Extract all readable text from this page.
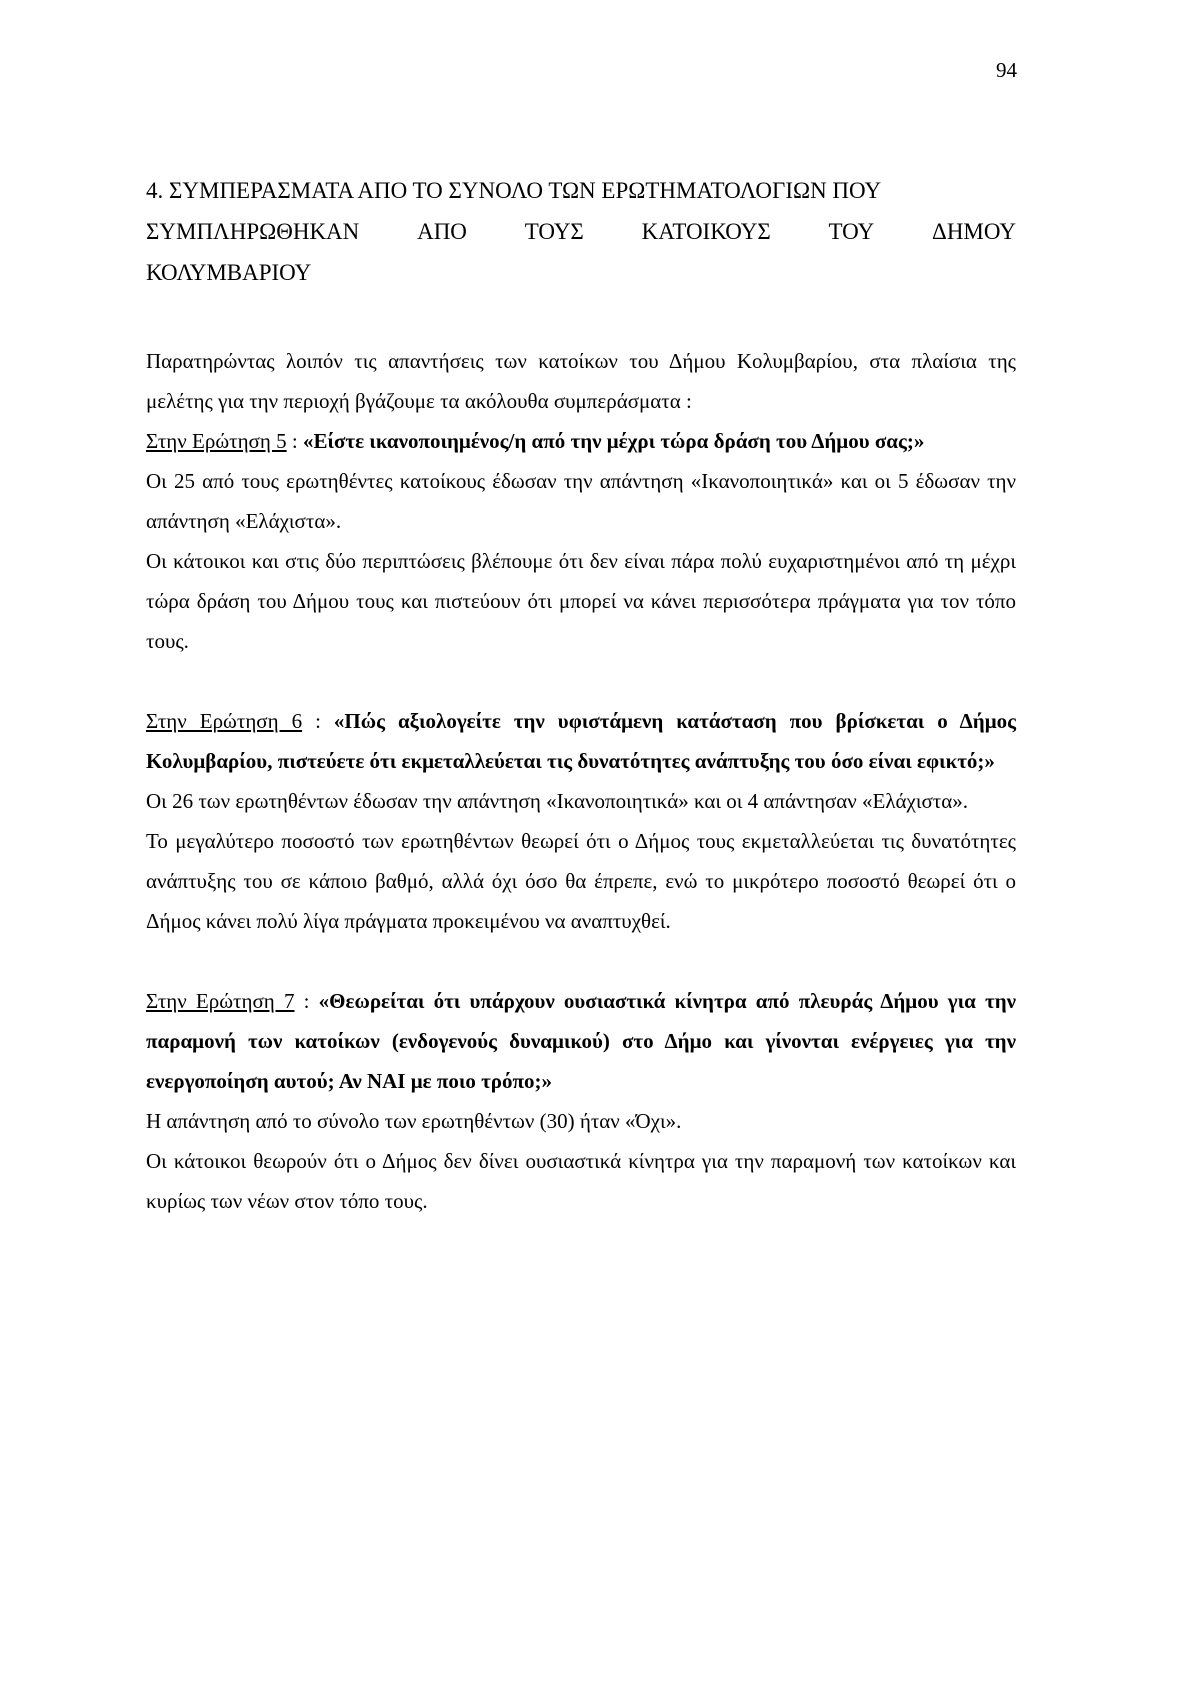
94
4. ΣΥΜΠΕΡΑΣΜΑΤΑ ΑΠΟ ΤΟ ΣΥΝΟΛΟ ΤΩΝ ΕΡΩΤΗΜΑΤΟΛΟΓΙΩΝ ΠΟΥ
ΣΥΜΠΛΗΡΩΘΗΚΑΝ	ΑΠΟ	ΤΟΥΣ	ΚΑΤΟΙΚΟΥΣ	ΤΟΥ	ΔΗΜΟΥ
ΚΟΛΥΜΒΑΡΙΟΥ

Παρατηρώντας λοιπόν τις απαντήσεις των κατοίκων του Δήμου Κολυμβαρίου, στα πλαίσια της μελέτης για την περιοχή βγάζουμε τα ακόλουθα συμπεράσματα :

Στην Ερώτηση 5 : «Είστε ικανοποιημένος/η από την μέχρι τώρα δράση του Δήμου σας;»

Οι 25 από τους ερωτηθέντες κατοίκους έδωσαν την απάντηση «Ικανοποιητικά» και οι 5 έδωσαν την απάντηση «Ελάχιστα».

Οι κάτοικοι και στις δύο περιπτώσεις βλέπουμε ότι δεν είναι πάρα πολύ ευχαριστημένοι από τη μέχρι τώρα δράση του Δήμου τους και πιστεύουν ότι μπορεί να κάνει περισσότερα πράγματα για τον τόπο τους.

Στην Ερώτηση 6 : «Πώς αξιολογείτε την υφιστάμενη κατάσταση που βρίσκεται ο Δήμος Κολυμβαρίου, πιστεύετε ότι εκμεταλλεύεται τις δυνατότητες ανάπτυξης του όσο είναι εφικτό;»

Οι 26 των ερωτηθέντων έδωσαν την απάντηση «Ικανοποιητικά» και οι 4 απάντησαν «Ελάχιστα».

Το μεγαλύτερο ποσοστό των ερωτηθέντων θεωρεί ότι ο Δήμος τους εκμεταλλεύεται τις δυνατότητες ανάπτυξης του σε κάποιο βαθμό, αλλά όχι όσο θα έπρεπε, ενώ το μικρότερο ποσοστό θεωρεί ότι ο Δήμος κάνει πολύ λίγα πράγματα προκειμένου να αναπτυχθεί.

Στην Ερώτηση 7 : «Θεωρείται ότι υπάρχουν ουσιαστικά κίνητρα από πλευράς Δήμου για την παραμονή των κατοίκων (ενδογενούς δυναμικού) στο Δήμο και γίνονται ενέργειες για την ενεργοποίηση αυτού; Αν ΝΑΙ με ποιο τρόπο;»

Η απάντηση από το σύνολο των ερωτηθέντων (30) ήταν «Όχι».

Οι κάτοικοι θεωρούν ότι ο Δήμος δεν δίνει ουσιαστικά κίνητρα για την παραμονή των κατοίκων και κυρίως των νέων στον τόπο τους.
